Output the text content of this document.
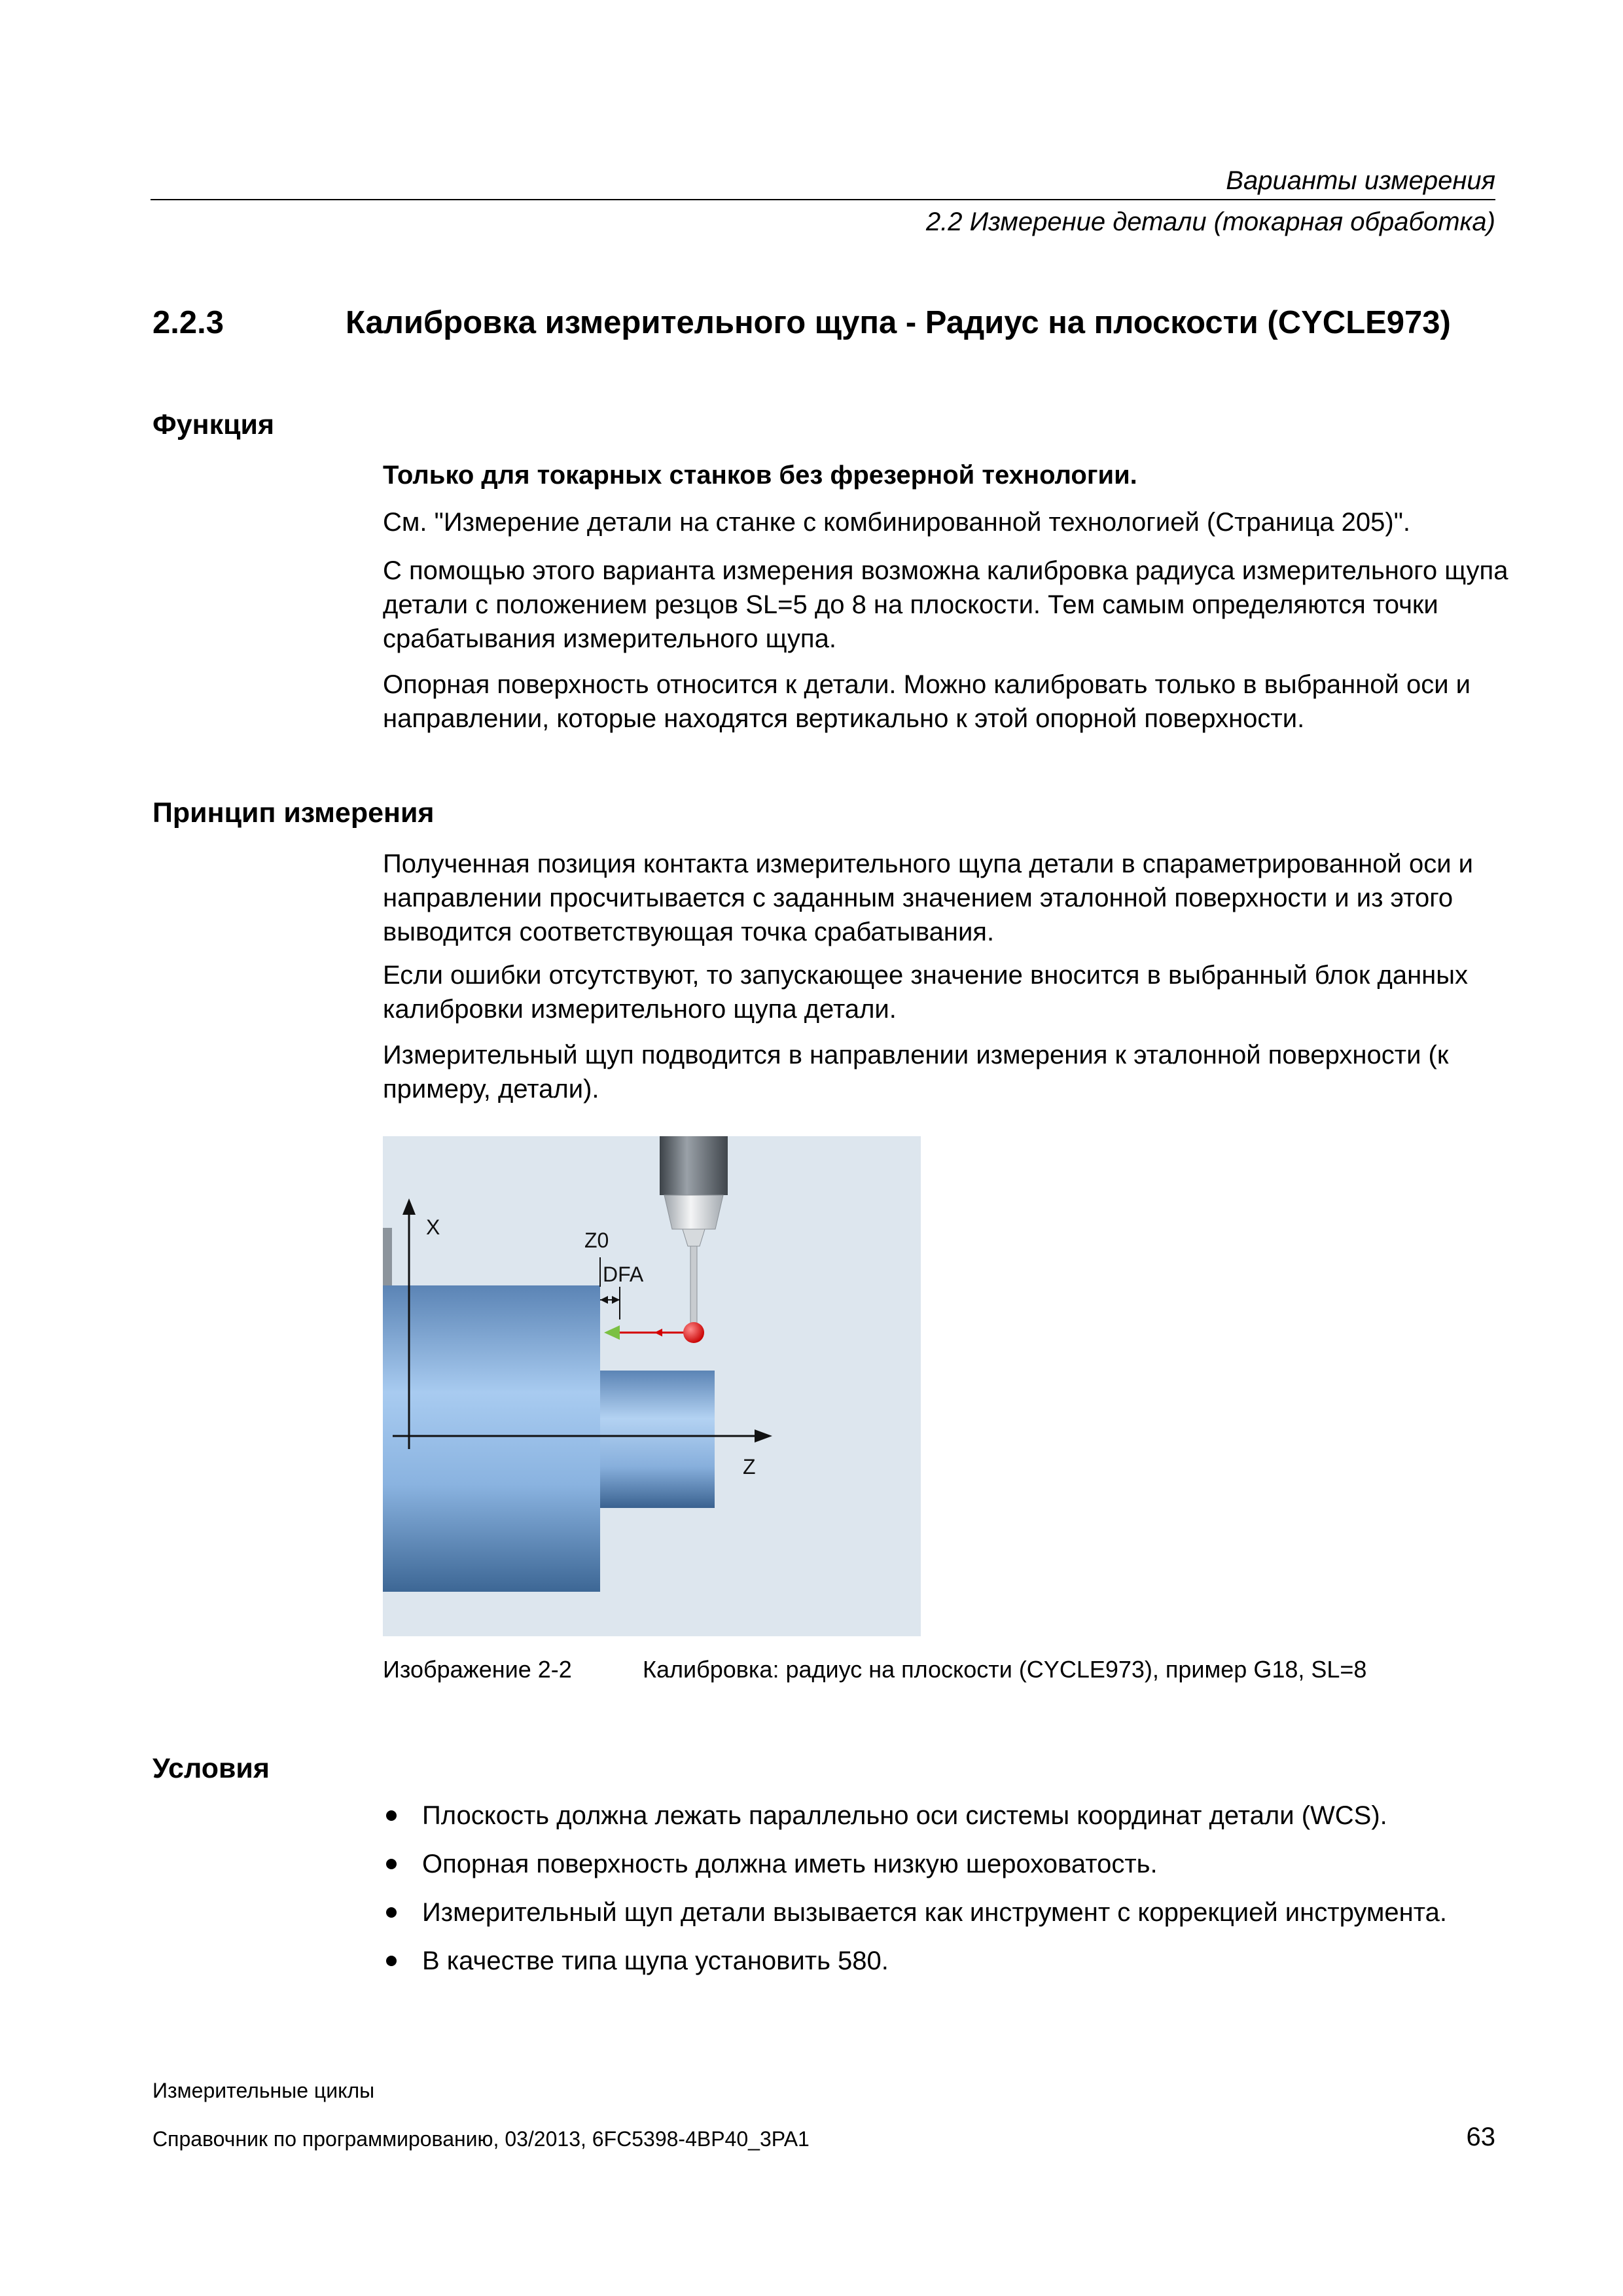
Варианты измерения
2.2 Измерение детали (токарная обработка)
2.2.3	Калибровка измерительного щупа - Радиус на плоскости (CYCLE973)
Функция
Только для токарных станков без фрезерной технологии.
См. "Измерение детали на станке с комбинированной технологией (Страница 205)".
С помощью этого варианта измерения возможна калибровка радиуса измерительного щупа детали с положением резцов SL=5 до 8 на плоскости. Тем самым определяются точки срабатывания измерительного щупа.
Опорная поверхность относится к детали. Можно калибровать только в выбранной оси и направлении, которые находятся вертикально к этой опорной поверхности.
Принцип измерения
Полученная позиция контакта измерительного щупа детали в спараметрированной оси и направлении просчитывается с заданным значением эталонной поверхности и из этого выводится соответствующая точка срабатывания.
Если ошибки отсутствуют, то запускающее значение вносится в выбранный блок данных калибровки измерительного щупа детали.
Измерительный щуп подводится в направлении измерения к эталонной поверхности (к примеру, детали).
X
Z
Z0
DFA
Изображение 2-2	Калибровка: радиус на плоскости (CYCLE973), пример G18, SL=8
Условия
Плоскость должна лежать параллельно оси системы координат детали (WCS).
Опорная поверхность должна иметь низкую шероховатость.
Измерительный щуп детали вызывается как инструмент с коррекцией инструмента.
В качестве типа щупа установить 580.
Измерительные циклы
Справочник по программированию, 03/2013, 6FC5398-4BP40_3PA1	63
